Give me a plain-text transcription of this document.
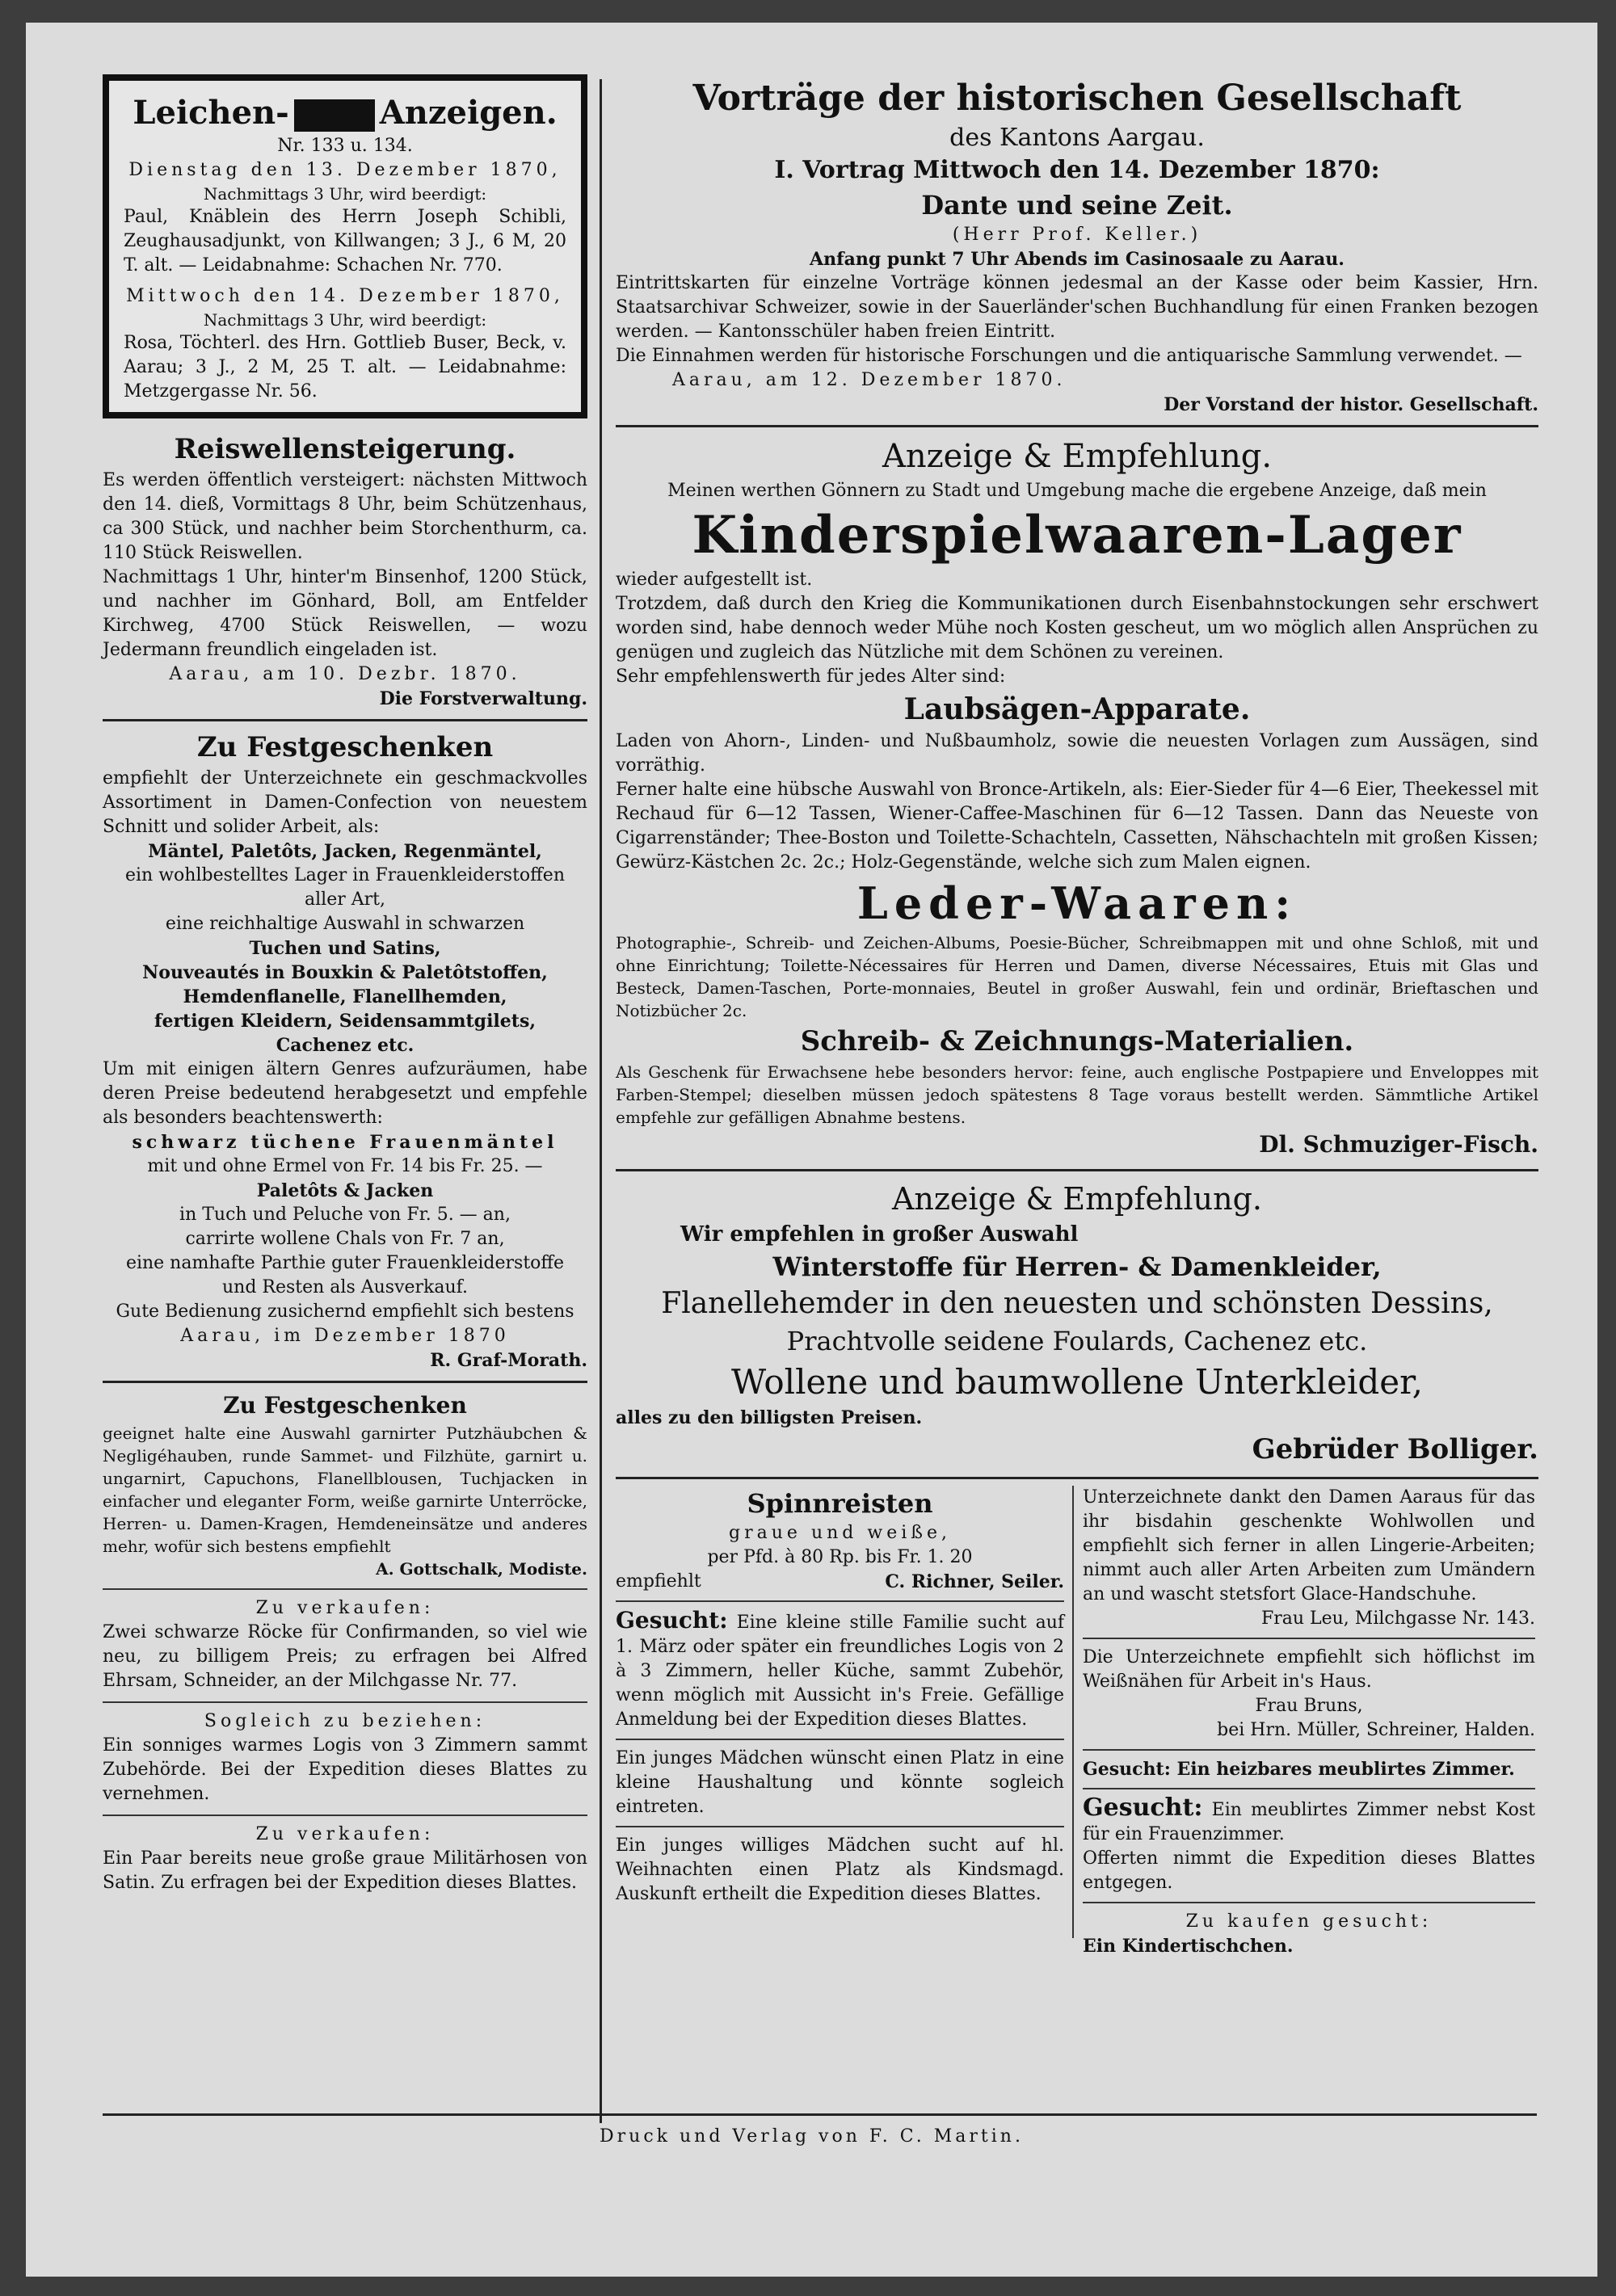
Leichen-	Anzeigen.

Nr. 133 u. 134.

Dienstag den 13. Dezember 1870,

Nachmittags 3 Uhr, wird beerdigt:

Paul, Knäblein des Herrn Joseph Schibli, Zeughausadjunkt, von Killwangen; 3 J., 6 M, 20 T. alt. — Leidabnahme: Schachen Nr. 770.

Mittwoch den 14. Dezember 1870,

Nachmittags 3 Uhr, wird beerdigt:

Rosa, Töchterl. des Hrn. Gottlieb Buser, Beck, v. Aarau; 3 J., 2 M, 25 T. alt. — Leidabnahme: Metzgergasse Nr. 56.

Reiswellensteigerung.

Es werden öffentlich versteigert: nächsten Mittwoch den 14. dieß, Vormittags 8 Uhr, beim Schützenhaus, ca 300 Stück, und nachher beim Storchenthurm, ca. 110 Stück Reiswellen.

Nachmittags 1 Uhr, hinter'm Binsenhof, 1200 Stück, und nachher im Gönhard, Boll, am Entfelder Kirchweg, 4700 Stück Reiswellen, — wozu Jedermann freundlich eingeladen ist.

Aarau, am 10. Dezbr. 1870.

Die Forstverwaltung.

Zu Festgeschenken

empfiehlt der Unterzeichnete ein geschmackvolles Assortiment in Damen-Confection von neuestem Schnitt und solider Arbeit, als:

Mäntel, Paletôts, Jacken, Regenmäntel,

ein wohlbestelltes Lager in Frauenkleiderstoffen

aller Art,

eine reichhaltige Auswahl in schwarzen

Tuchen und Satins,

Nouveautés in Bouxkin & Paletôtstoffen,

Hemdenflanelle, Flanellhemden,

fertigen Kleidern, Seidensammtgilets,

Cachenez etc.

Um mit einigen ältern Genres aufzuräumen, habe deren Preise bedeutend herabgesetzt und empfehle als besonders beachtenswerth:

schwarz tüchene Frauenmäntel

mit und ohne Ermel von Fr. 14 bis Fr. 25. —

Paletôts & Jacken

in Tuch und Peluche von Fr. 5. — an,

carrirte wollene Chals von Fr. 7 an,

eine namhafte Parthie guter Frauenkleiderstoffe

und Resten als Ausverkauf.

Gute Bedienung zusichernd empfiehlt sich bestens

Aarau, im Dezember 1870

R. Graf-Morath.

Zu Festgeschenken

geeignet halte eine Auswahl garnirter Putzhäubchen & Negligéhauben, runde Sammet- und Filzhüte, garnirt u. ungarnirt, Capuchons, Flanellblousen, Tuchjacken in einfacher und eleganter Form, weiße garnirte Unterröcke, Herren- u. Damen-Kragen, Hemdeneinsätze und anderes mehr, wofür sich bestens empfiehlt

A. Gottschalk, Modiste.

Zu verkaufen:

Zwei schwarze Röcke für Confirmanden, so viel wie neu, zu billigem Preis; zu erfragen bei Alfred Ehrsam, Schneider, an der Milchgasse Nr. 77.

Sogleich zu beziehen:

Ein sonniges warmes Logis von 3 Zimmern sammt Zubehörde. Bei der Expedition dieses Blattes zu vernehmen.

Zu verkaufen:

Ein Paar bereits neue große graue Militärhosen von Satin. Zu erfragen bei der Expedition dieses Blattes.

Vorträge der historischen Gesellschaft

des Kantons Aargau.

I. Vortrag Mittwoch den 14. Dezember 1870:

Dante und seine Zeit.

(Herr Prof. Keller.)

Anfang punkt 7 Uhr Abends im Casinosaale zu Aarau.

Eintrittskarten für einzelne Vorträge können jedesmal an der Kasse oder beim Kassier, Hrn. Staatsarchivar Schweizer, sowie in der Sauerländer'schen Buchhandlung für einen Franken bezogen werden. — Kantonsschüler haben freien Eintritt.

Die Einnahmen werden für historische Forschungen und die antiquarische Sammlung verwendet. —

Aarau, am 12. Dezember 1870.

Der Vorstand der histor. Gesellschaft.

Anzeige & Empfehlung.

Meinen werthen Gönnern zu Stadt und Umgebung mache die ergebene Anzeige, daß mein

Kinderspielwaaren-Lager

wieder aufgestellt ist.

Trotzdem, daß durch den Krieg die Kommunikationen durch Eisenbahnstockungen sehr erschwert worden sind, habe dennoch weder Mühe noch Kosten gescheut, um wo möglich allen Ansprüchen zu genügen und zugleich das Nützliche mit dem Schönen zu vereinen.

Sehr empfehlenswerth für jedes Alter sind:

Laubsägen-Apparate.

Laden von Ahorn-, Linden- und Nußbaumholz, sowie die neuesten Vorlagen zum Aussägen, sind vorräthig.

Ferner halte eine hübsche Auswahl von Bronce-Artikeln, als: Eier-Sieder für 4—6 Eier, Theekessel mit Rechaud für 6—12 Tassen, Wiener-Caffee-Maschinen für 6—12 Tassen. Dann das Neueste von Cigarrenständer; Thee-Boston und Toilette-Schachteln, Cassetten, Nähschachteln mit großen Kissen; Gewürz-Kästchen 2c. 2c.; Holz-Gegenstände, welche sich zum Malen eignen.

Leder-Waaren:

Photographie-, Schreib- und Zeichen-Albums, Poesie-Bücher, Schreibmappen mit und ohne Schloß, mit und ohne Einrichtung; Toilette-Nécessaires für Herren und Damen, diverse Nécessaires, Etuis mit Glas und Besteck, Damen-Taschen, Porte-monnaies, Beutel in großer Auswahl, fein und ordinär, Brieftaschen und Notizbücher 2c.

Schreib- & Zeichnungs-Materialien.

Als Geschenk für Erwachsene hebe besonders hervor: feine, auch englische Postpapiere und Enveloppes mit Farben-Stempel; dieselben müssen jedoch spätestens 8 Tage voraus bestellt werden. Sämmtliche Artikel empfehle zur gefälligen Abnahme bestens.

Dl. Schmuziger-Fisch.

Anzeige & Empfehlung.

Wir empfehlen in großer Auswahl

Winterstoffe für Herren- & Damenkleider,

Flanellehemder in den neuesten und schönsten Dessins,

Prachtvolle seidene Foulards, Cachenez etc.

Wollene und baumwollene Unterkleider,

alles zu den billigsten Preisen.

Gebrüder Bolliger.

Spinnreisten

graue und weiße,

per Pfd. à 80 Rp. bis Fr. 1. 20

empfiehlt	C. Richner, Seiler.

Gesucht: Eine kleine stille Familie sucht auf 1. März oder später ein freundliches Logis von 2 à 3 Zimmern, heller Küche, sammt Zubehör, wenn möglich mit Aussicht in's Freie. Gefällige Anmeldung bei der Expedition dieses Blattes.

Ein junges Mädchen wünscht einen Platz in eine kleine Haushaltung und könnte sogleich eintreten.

Ein junges williges Mädchen sucht auf hl. Weihnachten einen Platz als Kindsmagd. Auskunft ertheilt die Expedition dieses Blattes.

Unterzeichnete dankt den Damen Aaraus für das ihr bisdahin geschenkte Wohlwollen und empfiehlt sich ferner in allen Lingerie-Arbeiten; nimmt auch aller Arten Arbeiten zum Umändern an und wascht stetsfort Glace-Handschuhe.

Frau Leu, Milchgasse Nr. 143.

Die Unterzeichnete empfiehlt sich höflichst im Weißnähen für Arbeit in's Haus.

Frau Bruns,

bei Hrn. Müller, Schreiner, Halden.

Gesucht: Ein heizbares meublirtes Zimmer.

Gesucht: Ein meublirtes Zimmer nebst Kost für ein Frauenzimmer.

Offerten nimmt die Expedition dieses Blattes entgegen.

Zu kaufen gesucht:

Ein Kindertischchen.

Druck und Verlag von F. C. Martin.
